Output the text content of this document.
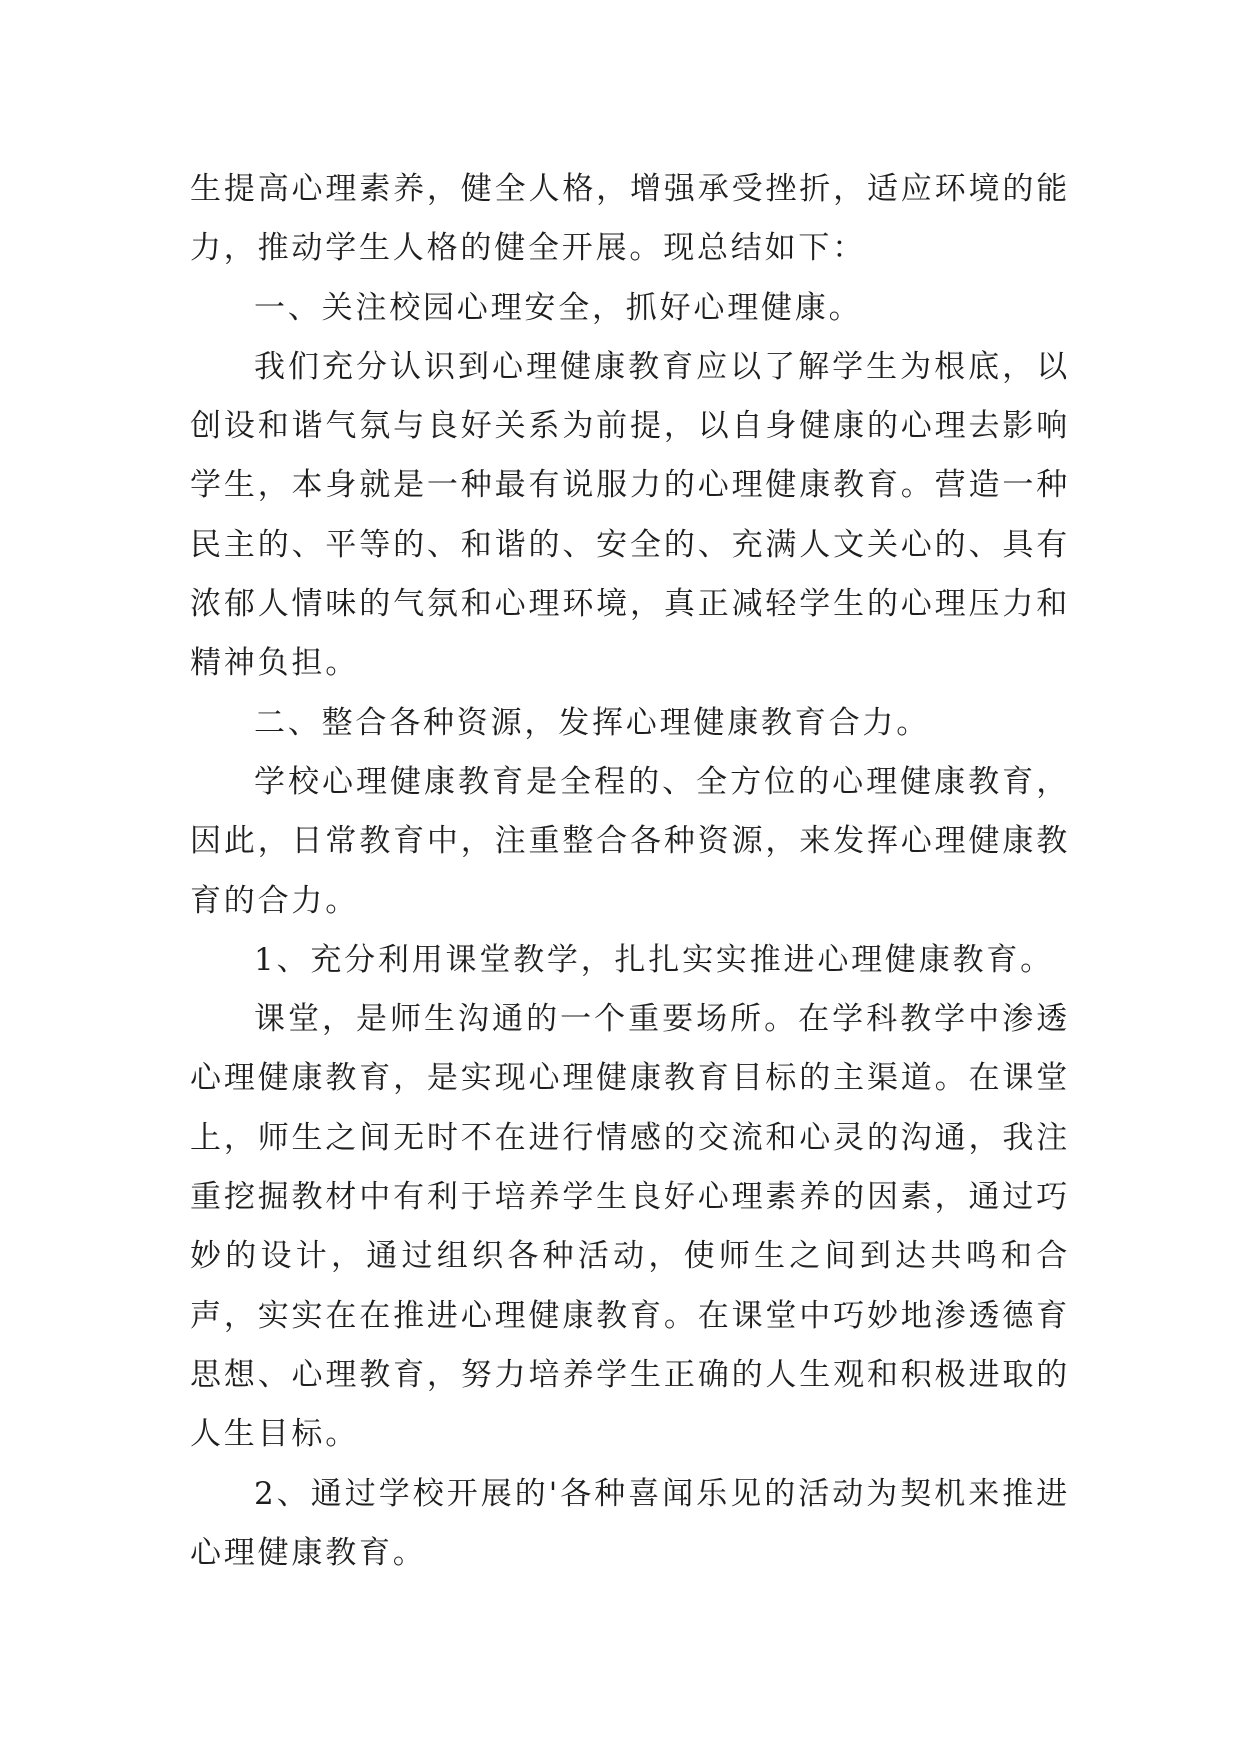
生提高心理素养，健全人格，增强承受挫折，适应环境的能力，推动学生人格的健全开展。现总结如下：

一、关注校园心理安全，抓好心理健康。

我们充分认识到心理健康教育应以了解学生为根底，以创设和谐气氛与良好关系为前提，以自身健康的心理去影响学生，本身就是一种最有说服力的心理健康教育。营造一种民主的、平等的、和谐的、安全的、充满人文关心的、具有浓郁人情味的气氛和心理环境，真正减轻学生的心理压力和精神负担。

二、整合各种资源，发挥心理健康教育合力。

学校心理健康教育是全程的、全方位的心理健康教育，因此，日常教育中，注重整合各种资源，来发挥心理健康教育的合力。

1、充分利用课堂教学，扎扎实实推进心理健康教育。

课堂，是师生沟通的一个重要场所。在学科教学中渗透心理健康教育，是实现心理健康教育目标的主渠道。在课堂上，师生之间无时不在进行情感的交流和心灵的沟通，我注重挖掘教材中有利于培养学生良好心理素养的因素，通过巧妙的设计，通过组织各种活动，使师生之间到达共鸣和合声，实实在在推进心理健康教育。在课堂中巧妙地渗透德育思想、心理教育，努力培养学生正确的人生观和积极进取的人生目标。

2、通过学校开展的'各种喜闻乐见的活动为契机来推进心理健康教育。
